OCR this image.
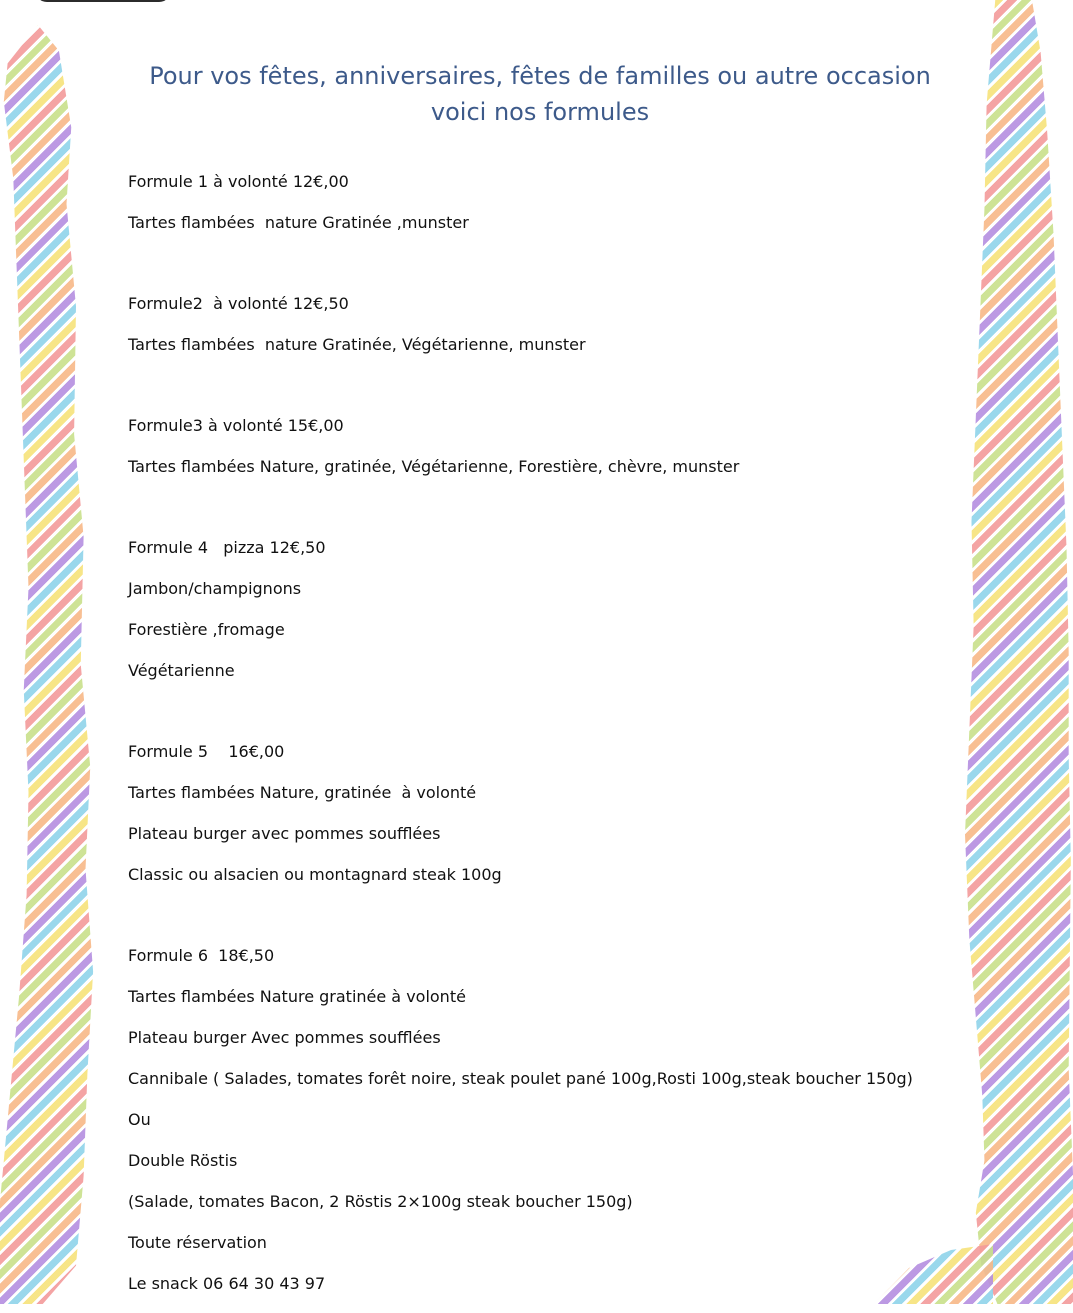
Pour vos fêtes, anniversaires, fêtes de familles ou autre occasion voici nos formules
Formule 1 à volonté 12€,00
Tartes flambées  nature Gratinée ,munster
Formule2  à volonté 12€,50
Tartes flambées  nature Gratinée, Végétarienne, munster
Formule3 à volonté 15€,00
Tartes flambées Nature, gratinée, Végétarienne, Forestière, chèvre, munster
Formule 4   pizza 12€,50
Jambon/champignons
Forestière ,fromage
Végétarienne
Formule 5    16€,00
Tartes flambées Nature, gratinée  à volonté
Plateau burger avec pommes soufflées
Classic ou alsacien ou montagnard steak 100g
Formule 6  18€,50
Tartes flambées Nature gratinée à volonté
Plateau burger Avec pommes soufflées
Cannibale ( Salades, tomates forêt noire, steak poulet pané 100g,Rosti 100g,steak boucher 150g)
Ou
Double Röstis
(Salade, tomates Bacon, 2 Röstis 2×100g steak boucher 150g)
Toute réservation
Le snack 06 64 30 43 97
